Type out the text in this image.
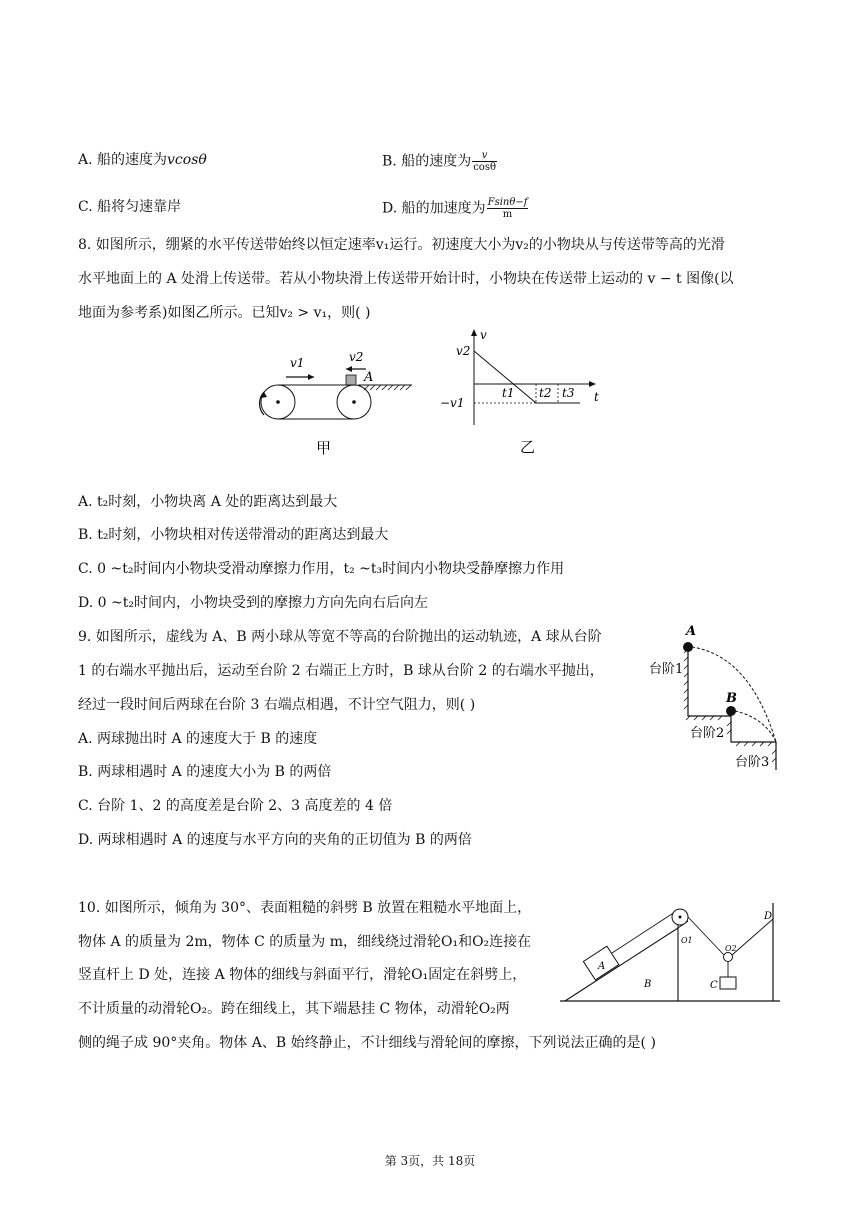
A. 船的速度为vcosθ	B. 船的速度为 $\frac{v}{\cos\theta}$
C. 船将匀速靠岸	D. 船的加速度为 $\frac{Fsin\theta-f}{m}$
8. 如图所示，绷紧的水平传送带始终以恒定速率v₁运行。初速度大小为v₂的小物块从与传送带等高的光滑
水平地面上的 A 处滑上传送带。若从小物块滑上传送带开始计时，小物块在传送带上运动的 v − t 图像(以
地面为参考系)如图乙所示。已知v₂ > v₁，则( )
v1	v2
A
甲
v
t
v2
−v1
t1 t2 t3
乙
A. t₂时刻，小物块离 A 处的距离达到最大
B. t₂时刻，小物块相对传送带滑动的距离达到最大
C. 0 ~t₂时间内小物块受滑动摩擦力作用，t₂ ~t₃时间内小物块受静摩擦力作用
D. 0 ~t₂时间内，小物块受到的摩擦力方向先向右后向左
9. 如图所示，虚线为 A、B 两小球从等宽不等高的台阶抛出的运动轨迹，A 球从台阶
1 的右端水平抛出后，运动至台阶 2 右端正上方时，B 球从台阶 2 的右端水平抛出，
经过一段时间后两球在台阶 3 右端点相遇，不计空气阻力，则( )
A
B
台阶1
台阶2
台阶3
A. 两球抛出时 A 的速度大于 B 的速度
B. 两球相遇时 A 的速度大小为 B 的两倍
C. 台阶 1、2 的高度差是台阶 2、3 高度差的 4 倍
D. 两球相遇时 A 的速度与水平方向的夹角的正切值为 B 的两倍
10. 如图所示，倾角为 30°、表面粗糙的斜劈 B 放置在粗糙水平地面上，
物体 A 的质量为 2m，物体 C 的质量为 m，细线绕过滑轮O₁和O₂连接在
竖直杆上 D 处，连接 A 物体的细线与斜面平行，滑轮O₁固定在斜劈上，
不计质量的动滑轮O₂。跨在细线上，其下端悬挂 C 物体，动滑轮O₂两
侧的绳子成 90°夹角。物体 A、B 始终静止，不计细线与滑轮间的摩擦，下列说法正确的是( )
A
B
O1
O2
C
D
第 3页，共 18页
